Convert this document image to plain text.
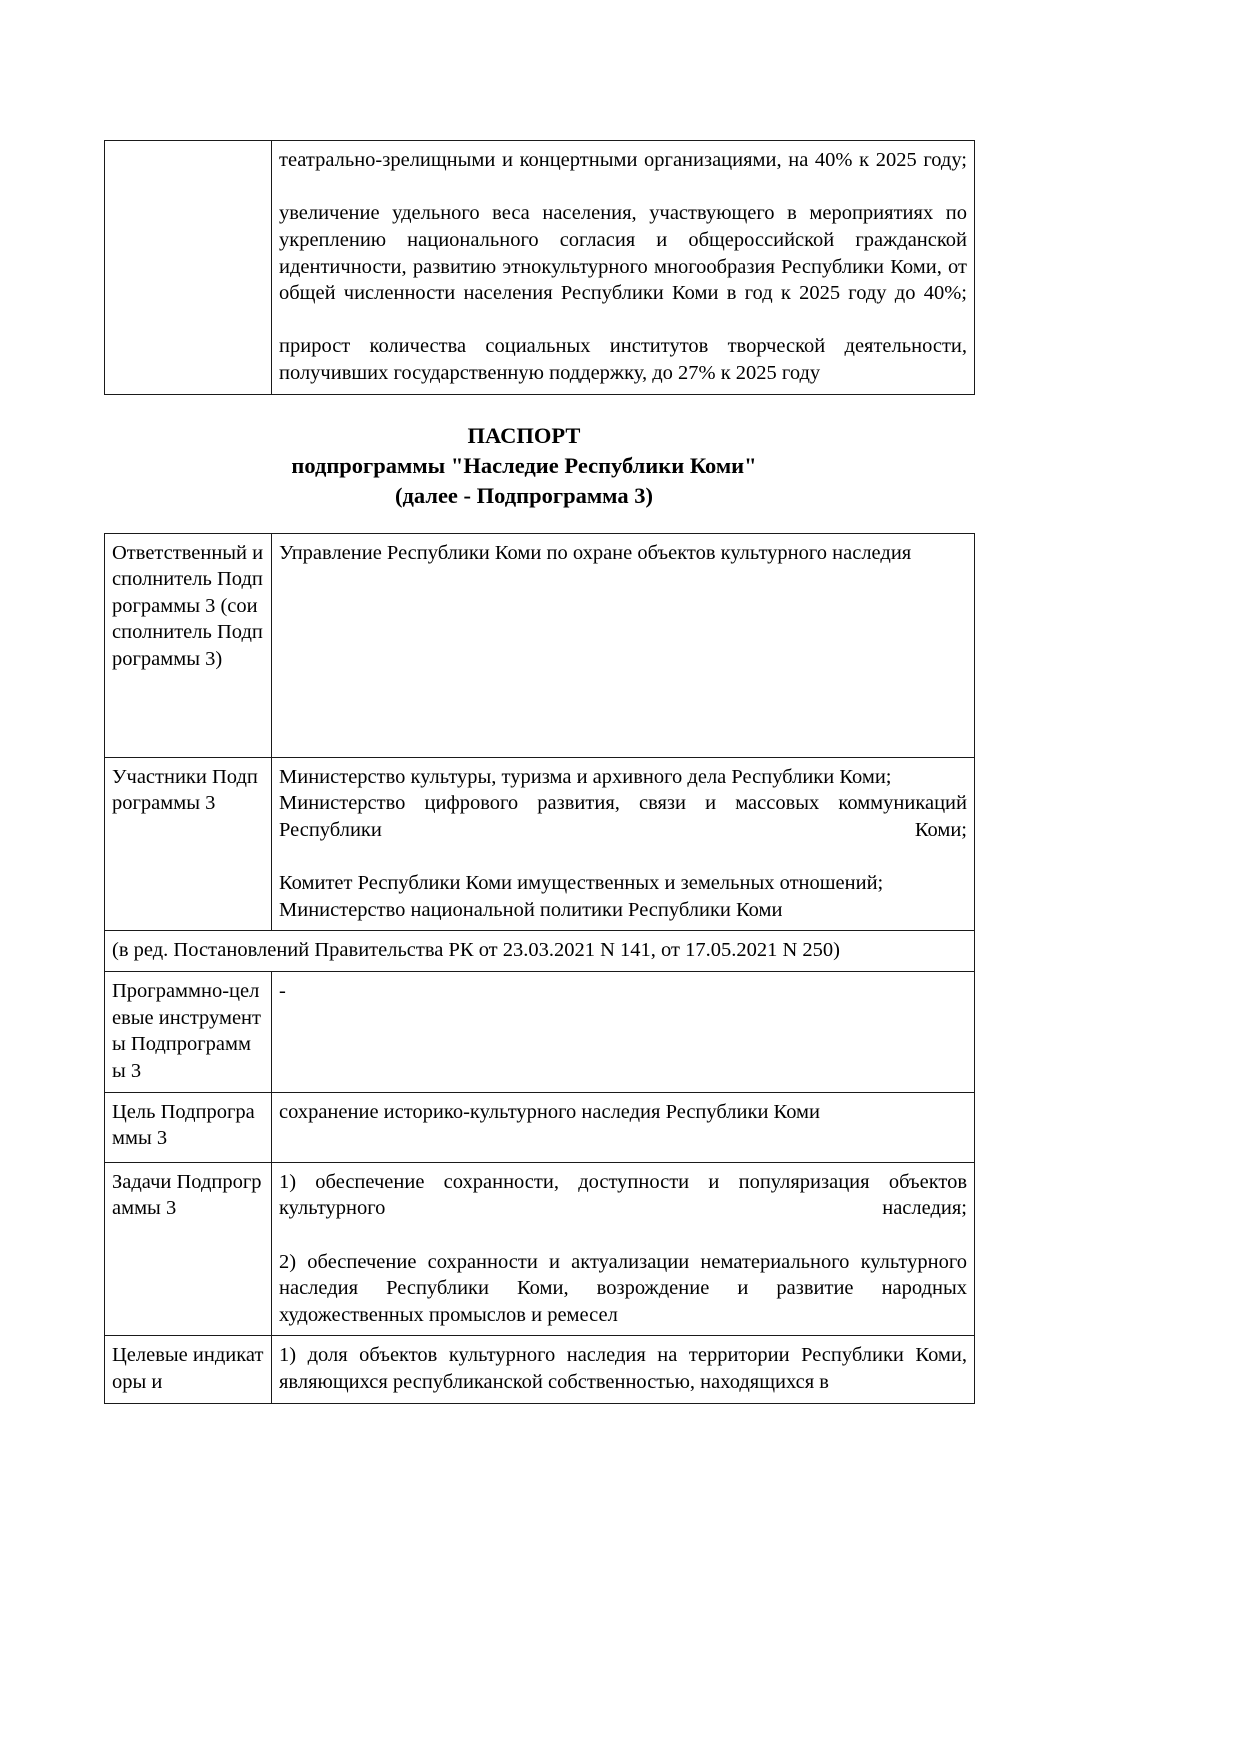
театрально-зрелищными и концертными организациями, на 40% к 2025 году;

увеличение удельного веса населения, участвующего в мероприятиях по укреплению национального согласия и общероссийской гражданской идентичности, развитию этнокультурного многообразия Республики Коми, от общей численности населения Республики Коми в год к 2025 году до 40%;

прирост количества социальных институтов творческой деятельности, получивших государственную поддержку, до 27% к 2025 году

ПАСПОРТ
подпрограммы "Наследие Республики Коми"
(далее - Подпрограмма 3)

Ответственный исполнитель Подпрограммы 3 (соисполнитель Подпрограммы 3)	Управление Республики Коми по охране объектов культурного наследия

Участники Подпрограммы 3	Министерство культуры, туризма и архивного дела Республики Коми;

Министерство цифрового развития, связи и массовых коммуникаций Республики Коми;

Комитет Республики Коми имущественных и земельных отношений;

Министерство национальной политики Республики Коми

(в ред. Постановлений Правительства РК от 23.03.2021 N 141, от 17.05.2021 N 250)	

Программно-целевые инструменты Подпрограммы 3	-

Цель Подпрограммы 3	сохранение историко-культурного наследия Республики Коми

Задачи Подпрограммы 3	1) обеспечение сохранности, доступности и популяризация объектов культурного наследия;

2) обеспечение сохранности и актуализации нематериального культурного наследия Республики Коми, возрождение и развитие народных художественных промыслов и ремесел

Целевые индикаторы и	1) доля объектов культурного наследия на территории Республики Коми, являющихся республиканской собственностью, находящихся в
